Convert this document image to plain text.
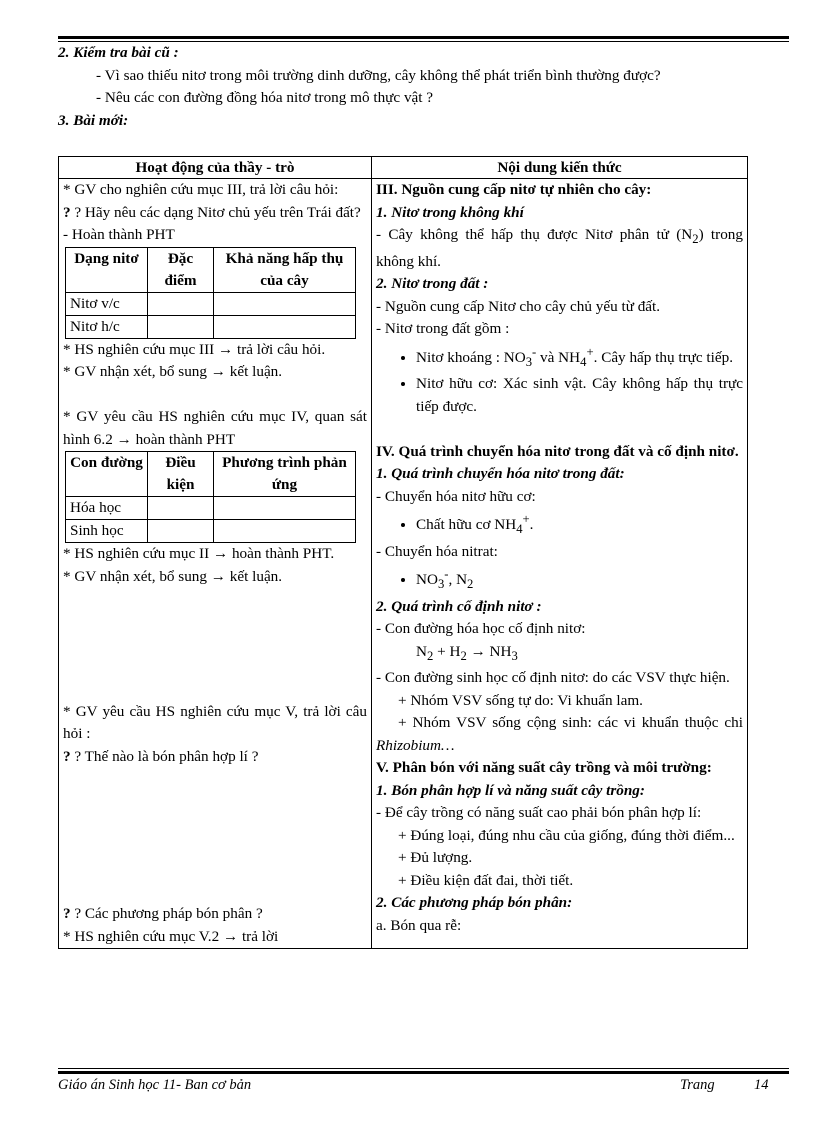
2. Kiểm tra bài cũ :

- Vì sao thiếu nitơ trong môi trường dinh dưỡng, cây không thể phát triển bình thường được?

- Nêu các con đường đồng hóa nitơ trong mô thực vật ?

3. Bài mới:

Hoạt động của thầy - trò	Nội dung kiến thức

* GV cho nghiên cứu mục III, trả lời câu hỏi:

? ? Hãy nêu các dạng Nitơ chủ yếu trên Trái đất?

- Hoàn thành PHT

Dạng nitơ	Đặc điểm	Khả năng hấp thụ của cây
Nitơ v/c		
Nitơ h/c		

* HS nghiên cứu mục III → trả lời câu hỏi.

* GV nhận xét, bổ sung → kết luận.

* GV yêu cầu HS nghiên cứu mục IV, quan sát hình 6.2 → hoàn thành PHT

Con đường	Điều kiện	Phương trình phản ứng
Hóa học		
Sinh học		

* HS nghiên cứu mục II → hoàn thành PHT.

* GV nhận xét, bổ sung → kết luận.

* GV yêu cầu HS nghiên cứu mục V, trả lời câu hỏi :

? ? Thế nào là bón phân hợp lí ?

? ? Các phương pháp bón phân ?

* HS nghiên cứu mục V.2 → trả lời

III. Nguồn cung cấp nitơ tự nhiên cho cây:

1. Nitơ trong không khí

- Cây không thể hấp thụ được Nitơ phân tử $(N_2)$ trong không khí.

2. Nitơ trong đất :

- Nguồn cung cấp Nitơ cho cây chủ yếu từ đất.

- Nitơ trong đất gồm :

• Nitơ khoáng : $NO_3^-$ và $NH_4^+$. Cây hấp thụ trực tiếp.
• Nitơ hữu cơ: Xác sinh vật. Cây không hấp thụ trực tiếp được.

IV. Quá trình chuyển hóa nitơ trong đất và cố định nitơ.

1. Quá trình chuyển hóa nitơ trong đất:

- Chuyển hóa nitơ hữu cơ:

• Chất hữu cơ $NH_4^+$.

- Chuyển hóa nitrat:

• $NO_3^-$, $N_2$

2. Quá trình cố định nitơ :

- Con đường hóa học cố định nitơ:

$N_2 + H_2 \to NH_3$

- Con đường sinh học cố định nitơ: do các VSV thực hiện.

+ Nhóm VSV sống tự do: Vi khuẩn lam.

+ Nhóm VSV sống cộng sinh: các vi khuẩn thuộc chi Rhizobium…

V. Phân bón với năng suất cây trồng và môi trường:

1. Bón phân hợp lí và năng suất cây trồng:

- Để cây trồng có năng suất cao phải bón phân hợp lí:

+ Đúng loại, đúng nhu cầu của giống, đúng thời điểm...

+ Đủ lượng.

+ Điều kiện đất đai, thời tiết.

2. Các phương pháp bón phân:

a. Bón qua rễ:

Giáo án Sinh học 11- Ban cơ bản	Trang	14
